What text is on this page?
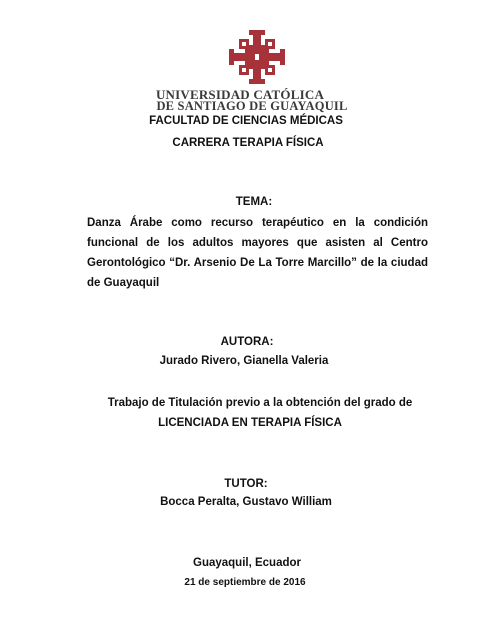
UNIVERSIDAD CATÓLICA
DE SANTIAGO DE GUAYAQUIL
FACULTAD DE CIENCIAS MÉDICAS
CARRERA TERAPIA FÍSICA
TEMA:
Danza Árabe como recurso terapéutico en la condición funcional de los adultos mayores que asisten al Centro Gerontológico “Dr. Arsenio De La Torre Marcillo” de la ciudad de Guayaquil
AUTORA:
Jurado Rivero, Gianella Valeria
Trabajo de Titulación previo a la obtención del grado de
LICENCIADA EN TERAPIA FÍSICA
TUTOR:
Bocca Peralta, Gustavo William
Guayaquil, Ecuador
21 de septiembre de 2016
